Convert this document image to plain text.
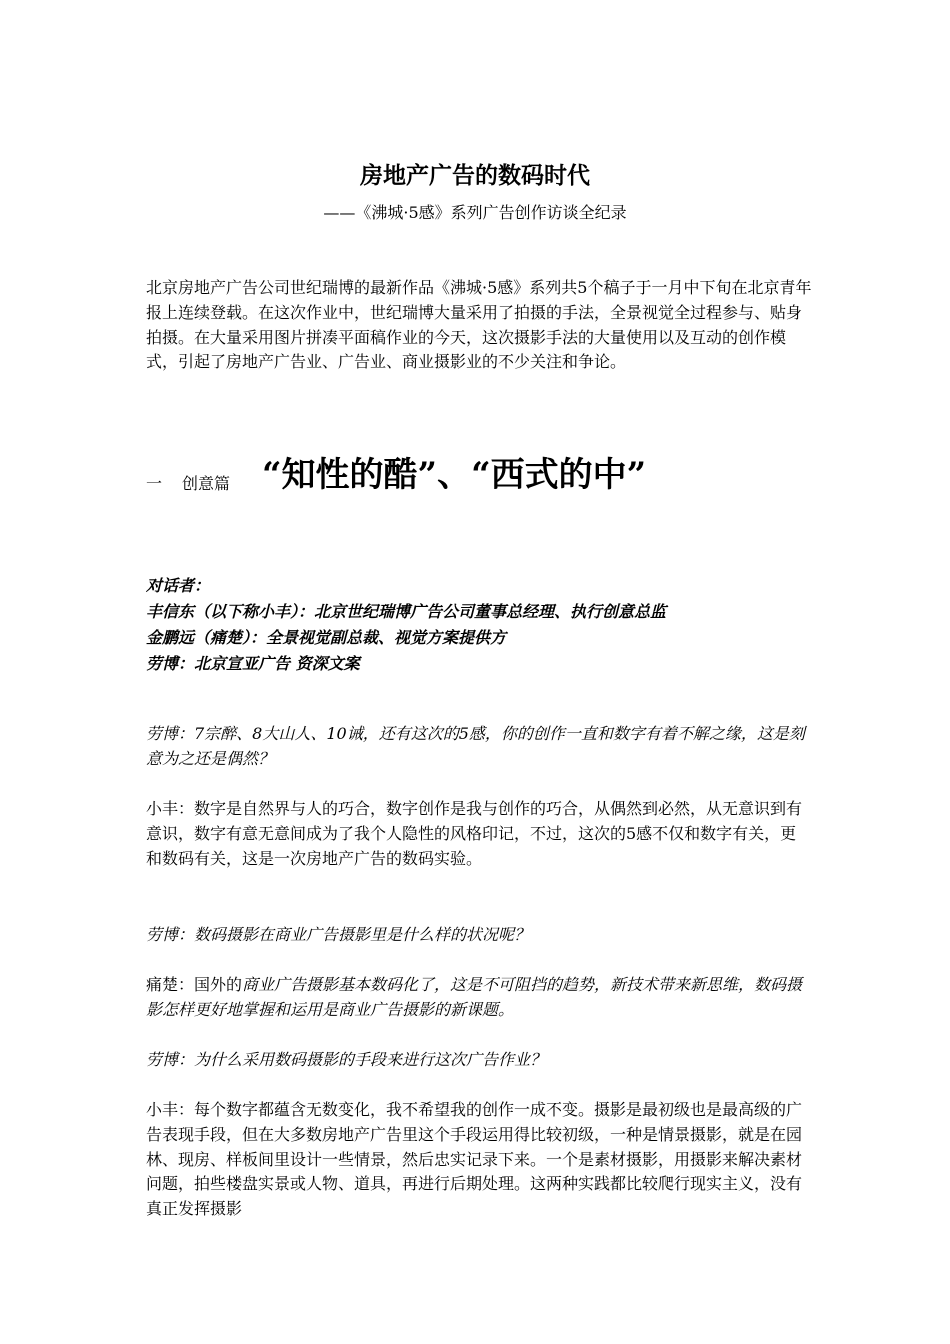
房地产广告的数码时代
——《沸城·5感》系列广告创作访谈全纪录

北京房地产广告公司世纪瑞博的最新作品《沸城·5感》系列共5个稿子于一月中下旬在北京青年报上连续登载。在这次作业中，世纪瑞博大量采用了拍摄的手法，全景视觉全过程参与、贴身拍摄。在大量采用图片拼凑平面稿作业的今天，这次摄影手法的大量使用以及互动的创作模式，引起了房地产广告业、广告业、商业摄影业的不少关注和争论。

一 创意篇 “知性的酷”、“西式的中”
对话者：
丰信东（以下称小丰）：北京世纪瑞博广告公司董事总经理、执行创意总监
金鹏远（痛楚）：全景视觉副总裁、视觉方案提供方
劳博：北京宣亚广告 资深文案

劳博：7宗醉、8大山人、10诫，还有这次的5感，你的创作一直和数字有着不解之缘，这是刻意为之还是偶然？

小丰：数字是自然界与人的巧合，数字创作是我与创作的巧合，从偶然到必然，从无意识到有意识，数字有意无意间成为了我个人隐性的风格印记，不过，这次的5感不仅和数字有关，更和数码有关，这是一次房地产广告的数码实验。

劳博：数码摄影在商业广告摄影里是什么样的状况呢？

痛楚：国外的商业广告摄影基本数码化了，这是不可阻挡的趋势，新技术带来新思维，数码摄影怎样更好地掌握和运用是商业广告摄影的新课题。

劳博：为什么采用数码摄影的手段来进行这次广告作业？

小丰：每个数字都蕴含无数变化，我不希望我的创作一成不变。摄影是最初级也是最高级的广告表现手段，但在大多数房地产广告里这个手段运用得比较初级，一种是情景摄影，就是在园林、现房、样板间里设计一些情景，然后忠实记录下来。一个是素材摄影，用摄影来解决素材问题，拍些楼盘实景或人物、道具，再进行后期处理。这两种实践都比较爬行现实主义，没有真正发挥摄影
